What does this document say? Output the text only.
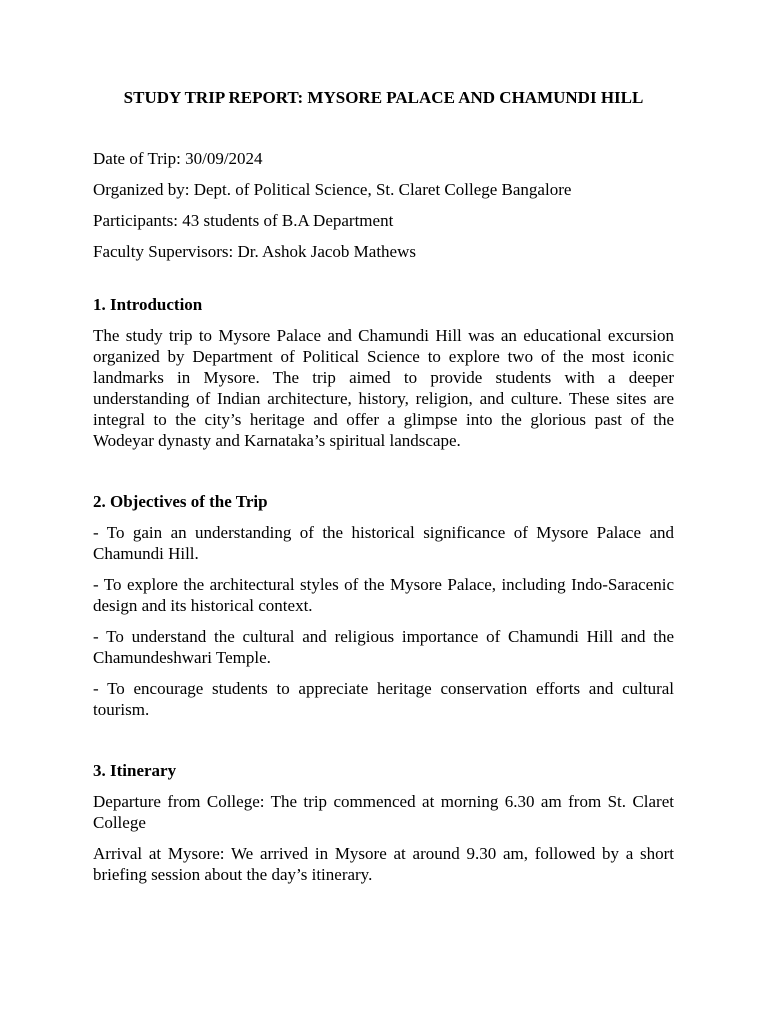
STUDY TRIP REPORT: MYSORE PALACE AND CHAMUNDI HILL

Date of Trip: 30/09/2024

Organized by: Dept. of Political Science, St. Claret College Bangalore

Participants: 43 students of B.A Department

Faculty Supervisors: Dr. Ashok Jacob Mathews

1. Introduction

The study trip to Mysore Palace and Chamundi Hill was an educational excursion organized by Department of Political Science to explore two of the most iconic landmarks in Mysore. The trip aimed to provide students with a deeper understanding of Indian architecture, history, religion, and culture. These sites are integral to the city’s heritage and offer a glimpse into the glorious past of the Wodeyar dynasty and Karnataka’s spiritual landscape.

2. Objectives of the Trip

- To gain an understanding of the historical significance of Mysore Palace and Chamundi Hill.

- To explore the architectural styles of the Mysore Palace, including Indo-Saracenic design and its historical context.

- To understand the cultural and religious importance of Chamundi Hill and the Chamundeshwari Temple.

- To encourage students to appreciate heritage conservation efforts and cultural tourism.

3. Itinerary

Departure from College: The trip commenced at morning 6.30 am from St. Claret College

Arrival at Mysore: We arrived in Mysore at around 9.30 am, followed by a short briefing session about the day’s itinerary.
